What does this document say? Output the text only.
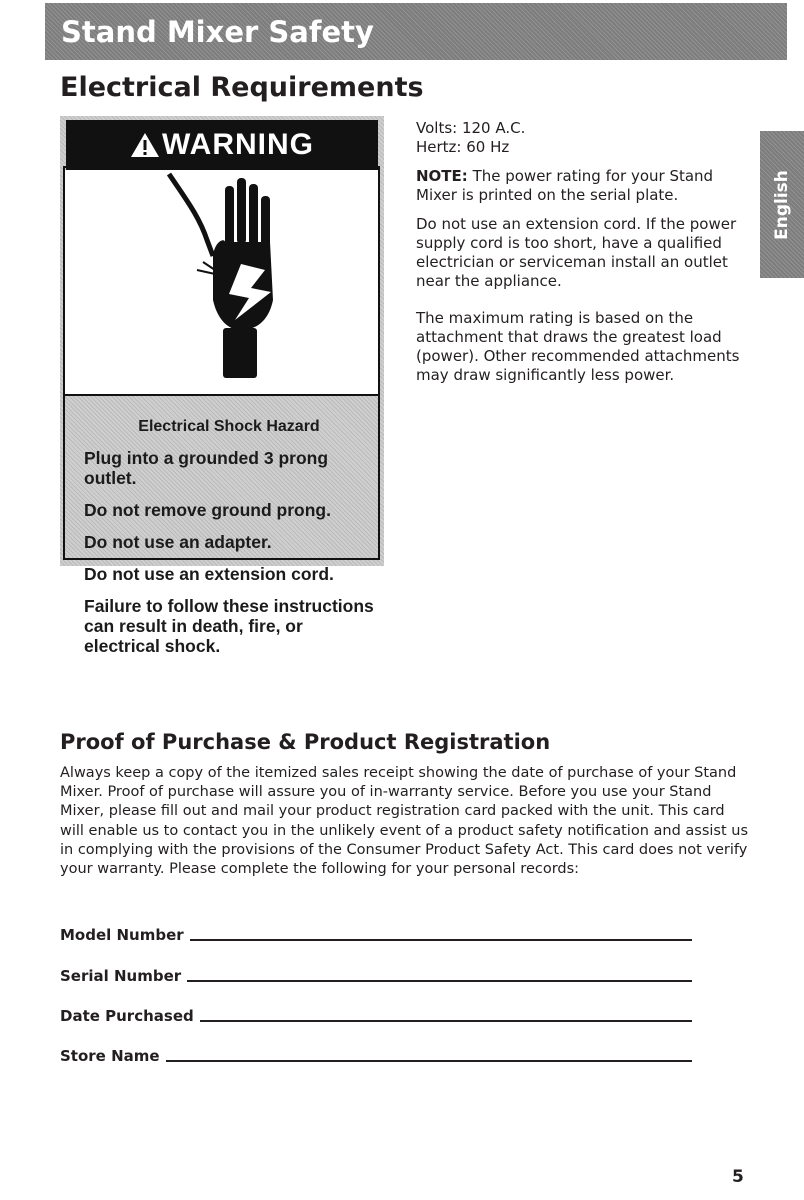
Stand Mixer Safety
Electrical Requirements
WARNING

Electrical Shock Hazard

Plug into a grounded 3 prong outlet.

Do not remove ground prong.

Do not use an adapter.

Do not use an extension cord.

Failure to follow these instructions can result in death, fire, or electrical shock.

Volts: 120 A.C.

Hertz: 60 Hz

NOTE: The power rating for your Stand Mixer is printed on the serial plate.

Do not use an extension cord. If the power supply cord is too short, have a qualified electrician or serviceman install an outlet near the appliance.

The maximum rating is based on the attachment that draws the greatest load (power). Other recommended attachments may draw significantly less power.

English
Proof of Purchase & Product Registration

Always keep a copy of the itemized sales receipt showing the date of purchase of your Stand Mixer. Proof of purchase will assure you of in-warranty service. Before you use your Stand Mixer, please fill out and mail your product registration card packed with the unit. This card will enable us to contact you in the unlikely event of a product safety notification and assist us in complying with the provisions of the Consumer Product Safety Act. This card does not verify your warranty. Please complete the following for your personal records:

Model Number
Serial Number
Date Purchased
Store Name
5
